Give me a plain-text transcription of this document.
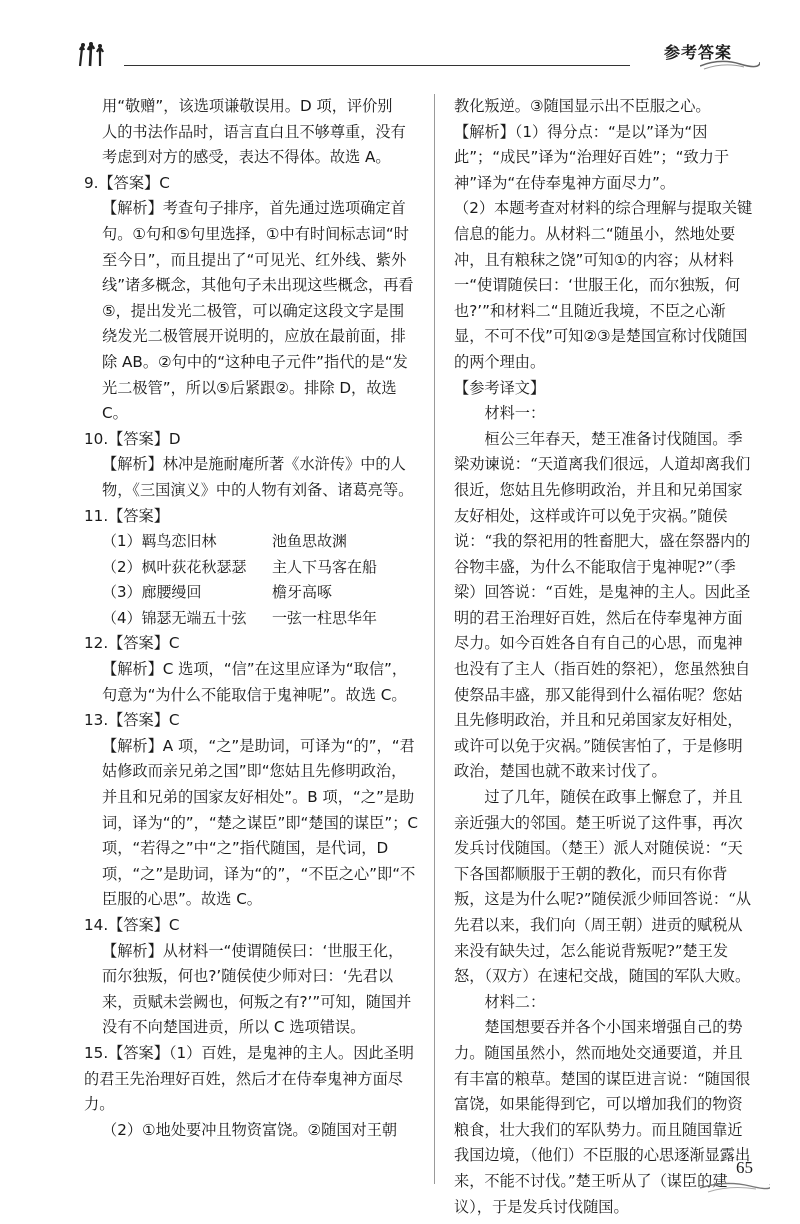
参考答案

用“敬赠”，该选项谦敬误用。D 项，评价别

人的书法作品时，语言直白且不够尊重，没有

考虑到对方的感受，表达不得体。故选 A。

9.【答案】C

【解析】考查句子排序，首先通过选项确定首句。①句和⑤句里选择，①中有时间标志词“时至今日”，而且提出了“可见光、红外线、紫外线”诸多概念，其他句子未出现这些概念，再看⑤，提出发光二极管，可以确定这段文字是围绕发光二极管展开说明的，应放在最前面，排除 AB。②句中的“这种电子元件”指代的是“发光二极管”，所以⑤后紧跟②。排除 D，故选 C。

10.【答案】D

【解析】林冲是施耐庵所著《水浒传》中的人物，《三国演义》中的人物有刘备、诸葛亮等。

11.【答案】

（1）羁鸟恋旧林	池鱼思故渊
（2）枫叶荻花秋瑟瑟	主人下马客在船
（3）廊腰缦回	檐牙高啄
（4）锦瑟无端五十弦	一弦一柱思华年

12.【答案】C

【解析】C 选项，“信”在这里应译为“取信”，句意为“为什么不能取信于鬼神呢”。故选 C。

13.【答案】C

【解析】A 项，“之”是助词，可译为“的”，“君姑修政而亲兄弟之国”即“您姑且先修明政治，并且和兄弟的国家友好相处”。B 项，“之”是助词，译为“的”，“楚之谋臣”即“楚国的谋臣”；C 项，“若得之”中“之”指代随国，是代词，D 项，“之”是助词，译为“的”，“不臣之心”即“不臣服的心思”。故选 C。

14.【答案】C

【解析】从材料一“使谓随侯曰：‘世服王化，而尔独叛，何也?’随侯使少师对曰：‘先君以来，贡赋未尝阙也，何叛之有?’”可知，随国并没有不向楚国进贡，所以 C 选项错误。

15.【答案】（1）百姓，是鬼神的主人。因此圣明的君王先治理好百姓，然后才在侍奉鬼神方面尽力。

（2）①地处要冲且物资富饶。②随国对王朝

教化叛逆。③随国显示出不臣服之心。

【解析】（1）得分点：“是以”译为“因此”；“成民”译为“治理好百姓”；“致力于神”译为“在侍奉鬼神方面尽力”。

（2）本题考查对材料的综合理解与提取关键信息的能力。从材料二“随虽小，然地处要冲，且有粮秣之饶”可知①的内容；从材料一“使谓随侯曰：‘世服王化，而尔独叛，何也?’”和材料二“且随近我境，不臣之心渐显，不可不伐”可知②③是楚国宣称讨伐随国的两个理由。

【参考译文】

材料一：

桓公三年春天，楚王准备讨伐随国。季梁劝谏说：“天道离我们很远，人道却离我们很近，您姑且先修明政治，并且和兄弟国家友好相处，这样或许可以免于灾祸。”随侯说：“我的祭祀用的牲畜肥大，盛在祭器内的谷物丰盛，为什么不能取信于鬼神呢?”（季梁）回答说：“百姓，是鬼神的主人。因此圣明的君王治理好百姓，然后在侍奉鬼神方面尽力。如今百姓各自有自己的心思，而鬼神也没有了主人（指百姓的祭祀），您虽然独自使祭品丰盛，那又能得到什么福佑呢？您姑且先修明政治，并且和兄弟国家友好相处，或许可以免于灾祸。”随侯害怕了，于是修明政治，楚国也就不敢来讨伐了。

过了几年，随侯在政事上懈怠了，并且亲近强大的邻国。楚王听说了这件事，再次发兵讨伐随国。（楚王）派人对随侯说：“天下各国都顺服于王朝的教化，而只有你背叛，这是为什么呢?”随侯派少师回答说：“从先君以来，我们向（周王朝）进贡的赋税从来没有缺失过，怎么能说背叛呢?”楚王发怒，（双方）在速杞交战，随国的军队大败。

材料二：

楚国想要吞并各个小国来增强自己的势力。随国虽然小，然而地处交通要道，并且有丰富的粮草。楚国的谋臣进言说：“随国很富饶，如果能得到它，可以增加我们的物资粮食，壮大我们的军队势力。而且随国靠近我国边境，（他们）不臣服的心思逐渐显露出来，不能不讨伐。”楚王听从了（谋臣的建议），于是发兵讨伐随国。

65
